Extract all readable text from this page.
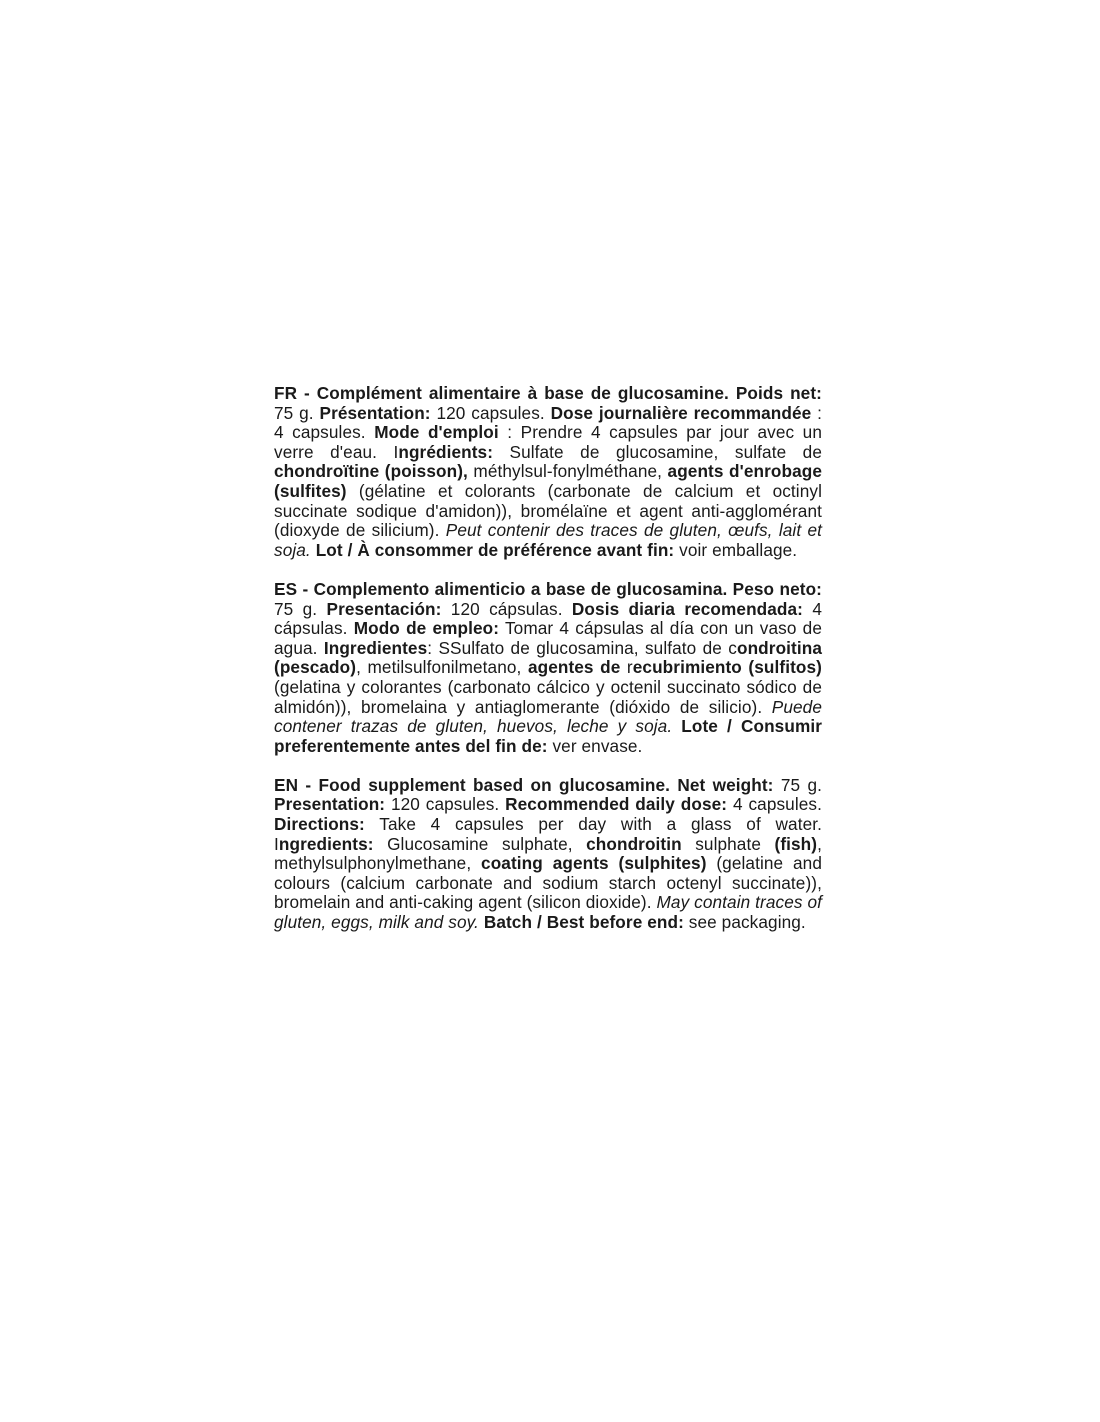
FR - Complément alimentaire à base de glucosamine. Poids net: 75 g. Présentation: 120 capsules. Dose journalière recommandée : 4 capsules. Mode d'emploi : Prendre 4 capsules par jour avec un verre d'eau. Ingrédients: Sulfate de glucosamine, sulfate de chondroïtine (poisson), méthylsul-fonylméthane, agents d'enrobage (sulfites) (gélatine et colorants (carbonate de calcium et octinyl succinate sodique d'amidon)), bromélaïne et agent anti-agglomérant (dioxyde de silicium). Peut contenir des traces de gluten, œufs, lait et soja. Lot / À consommer de préférence avant fin: voir emballage.

ES - Complemento alimenticio a base de glucosamina. Peso neto: 75 g. Presentación: 120 cápsulas. Dosis diaria recomendada: 4 cápsulas. Modo de empleo: Tomar 4 cápsulas al día con un vaso de agua. Ingredientes: SSulfato de glucosamina, sulfato de condroitina (pescado), metilsulfonilmetano, agentes de recubrimiento (sulfitos) (gelatina y colorantes (carbonato cálcico y octenil succinato sódico de almidón)), bromelaina y antiaglomerante (dióxido de silicio). Puede contener trazas de gluten, huevos, leche y soja. Lote / Consumir preferentemente antes del fin de: ver envase.

EN - Food supplement based on glucosamine. Net weight: 75 g. Presentation: 120 capsules. Recommended daily dose: 4 capsules. Directions: Take 4 capsules per day with a glass of water. Ingredients: Glucosamine sulphate, chondroitin sulphate (fish), methylsulphonylmethane, coating agents (sulphites) (gelatine and colours (calcium carbonate and sodium starch octenyl succinate)), bromelain and anti-caking agent (silicon dioxide). May contain traces of gluten, eggs, milk and soy. Batch / Best before end: see packaging.
